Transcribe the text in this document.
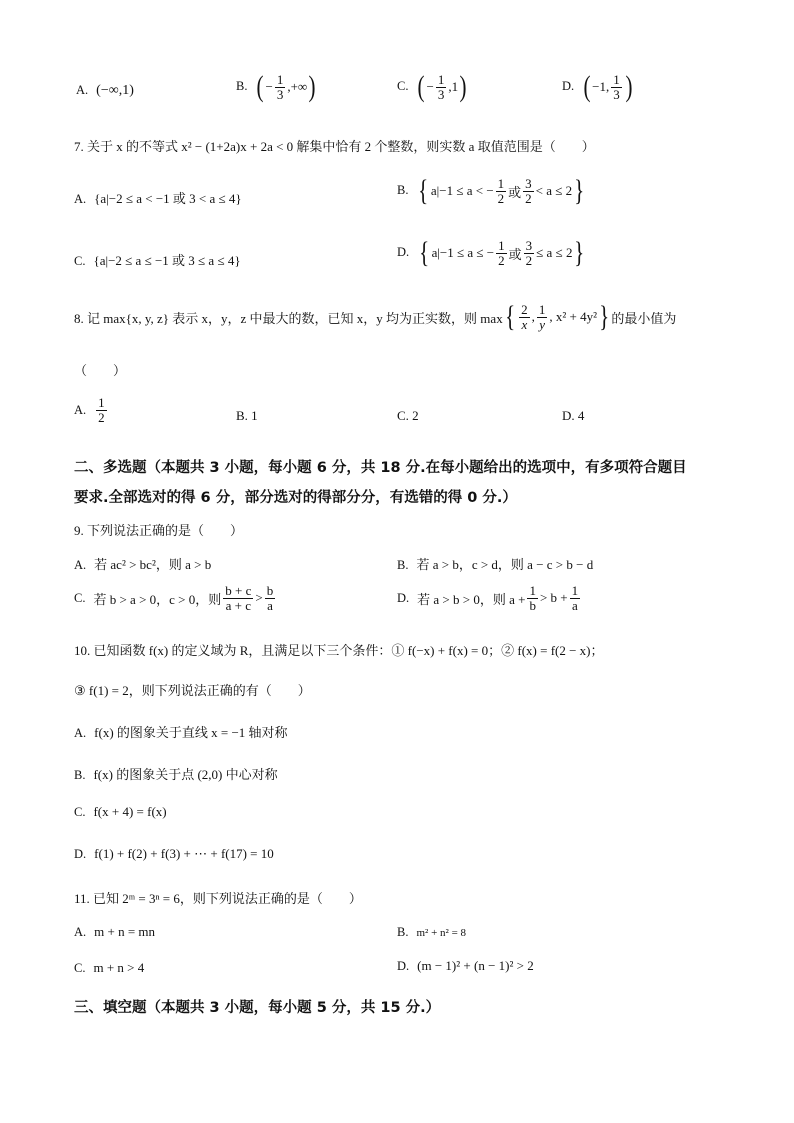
A. (−∞,1)	B. ( − $\frac{1}{3}$ ,+∞)	C. ( − $\frac{1}{3} ,1$)	D. ( −1, $\frac{1}{3}$ )
7. 关于 x 的不等式 x² − (1+2a)x + 2a < 0 解集中恰有 2 个整数，则实数 a 取值范围是（　　）
A. {a|−2 ≤ a < −1 或 3 < a ≤ 4}
B. { a|−1 ≤ a < − $\frac{1}{2}$ 或 $\frac{3}{2} < a \le 2$}
C. {a|−2 ≤ a ≤ −1 或 3 ≤ a ≤ 4}
D. { a|−1 ≤ a ≤ − $\frac{1}{2}$ 或 $\frac{3}{2} \le a \le 2$}
8. 记 max{x, y, z} 表示 x，y，z 中最大的数，已知 x，y 均为正实数，则 $\max\{ \frac{2}{x}$ , $\frac{1}{y}$ , x² + 4y²} 的最小值为
（　　）
A. $\frac{1}{2}$	B. 1	C. 2	D. 4
二、多选题（本题共 3 小题，每小题 6 分，共 18 分.在每小题给出的选项中，有多项符合题目
要求.全部选对的得 6 分，部分选对的得部分分，有选错的得 0 分.）
9. 下列说法正确的是（　　）
A. 若 ac² > bc²，则 a > b	B. 若 a > b，c > d，则 a − c > b − d
C. 若 b > a > 0，c > 0，则 $\frac{b + c}{a + c} > \frac{b}{a}$	D. 若 a > b > 0，则 $a + \frac{1}{b} > b + \frac{1}{a}$
10. 已知函数 f(x) 的定义域为 R，且满足以下三个条件：① f(−x) + f(x) = 0；② f(x) = f(2 − x)；
③ f(1) = 2，则下列说法正确的有（　　）
A. f(x) 的图象关于直线 x = −1 轴对称
B. f(x) 的图象关于点 (2,0) 中心对称
C. f(x + 4) = f(x)
D. f(1) + f(2) + f(3) + ⋯ + f(17) = 10
11. 已知 2ᵐ = 3ⁿ = 6，则下列说法正确的是（　　）
A. m + n = mn	B. m² + n² = 8
C. m + n > 4	D. (m − 1)² + (n − 1)² > 2
三、填空题（本题共 3 小题，每小题 5 分，共 15 分.）
